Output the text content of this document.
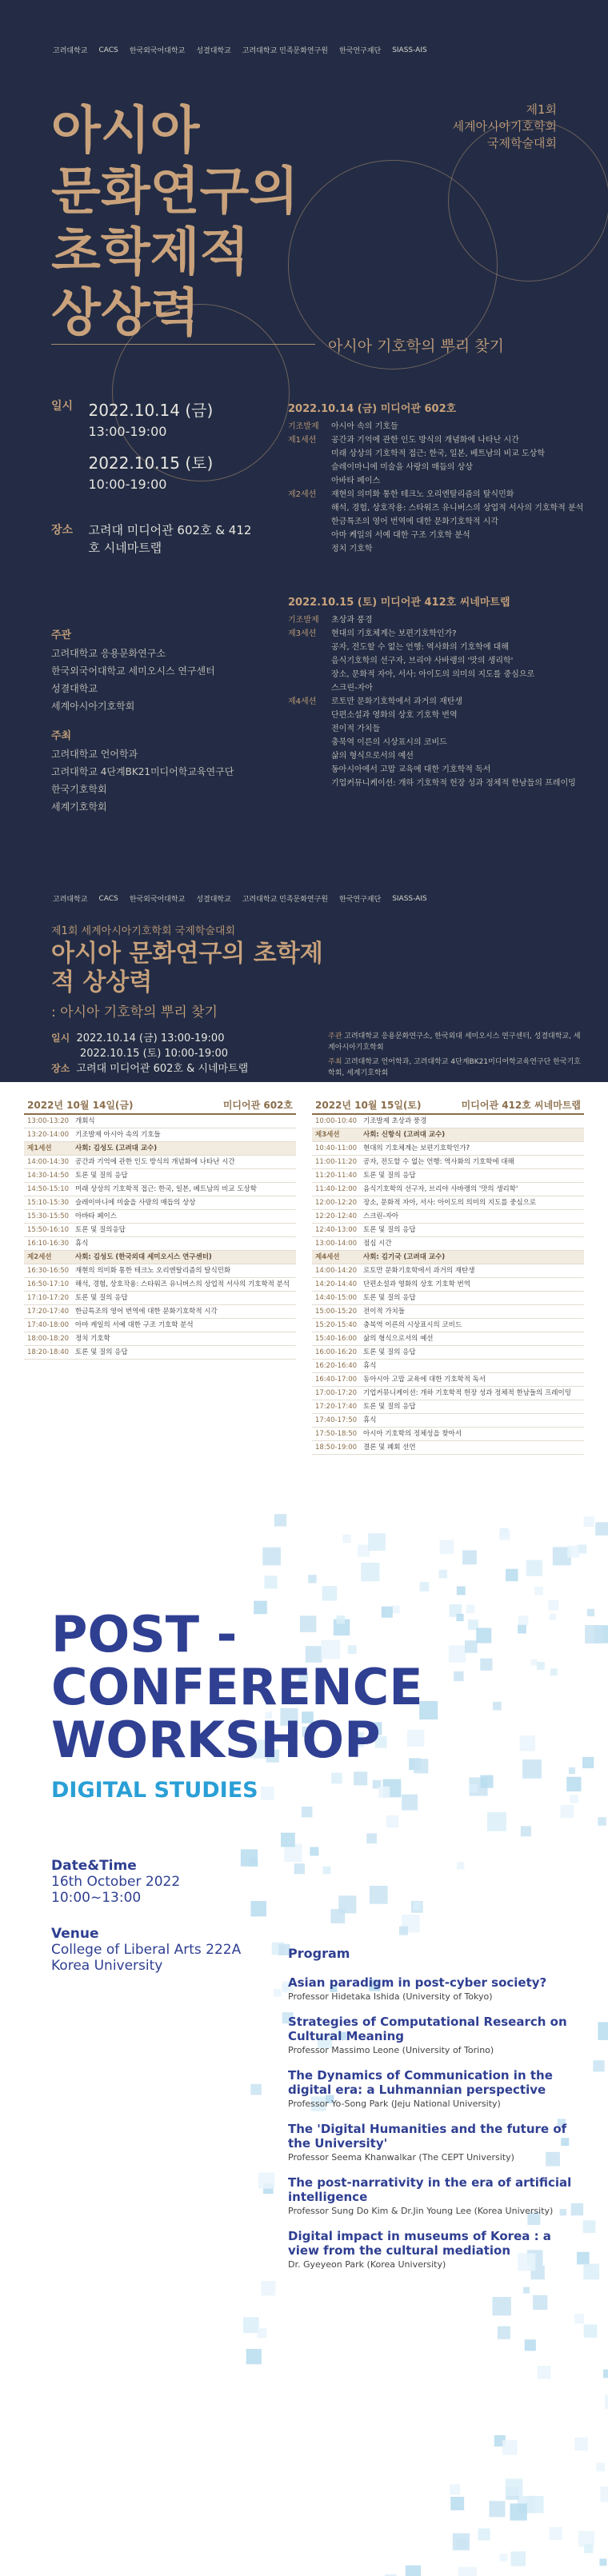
고려대학교 CACS 한국외국어대학교 성결대학교 고려대학교 민족문화연구원 한국연구재단 SIASS-AIS
아시아
문화연구의
초학제적
상상력
제1회
세계아시아기호학회
국제학술대회
아시아 기호학의 뿌리 찾기
일시 2022.10.14 (금)
13:00-19:00
2022.10.15 (토)
10:00-19:00
장소 고려대 미디어관 602호 & 412호 시네마트랩
주관
고려대학교 응용문화연구소
한국외국어대학교 세미오시스 연구센터
성결대학교
세계아시아기호학회
주최
고려대학교 언어학과
고려대학교 4단계BK21미디어학교육연구단
한국기호학회
세계기호학회
2022.10.14 (금) 미디어관 602호
기조발제	아시아 속의 기호들
제1세션	공간과 기억에 관한 인도 방식의 개념화에 나타난 시간
미래 상상의 기호학적 접근: 한국, 일본, 베트남의 비교 도상학
슬레이마니에 미술을 사랑의 매듭의 상상
아바타 페이스
제2세션	재현의 의미화 통한 테크노 오리엔탈리즘의 탈식민화
해석, 경험, 상호작용: 스타워즈 유니버스의 상업적 서사의 기호학적 분석
한금특조의 영어 번역에 대한 문화기호학적 시각
아마 케일의 서예 대한 구조 기호학 분석
정치 기호학
2022.10.15 (토) 미디어관 412호 씨네마트랩
기조발제	초상과 풍경
제3세션	현대의 기호체계는 보편기호학인가?
공자, 전도할 수 없는 언행: 역사화의 기호학에 대해
음식기호학의 선구자, 브리야 사바랭의 '맛의 생리학'
장소, 문화적 자아, 서사: 아이도의 의미의 지도를 중심으로
스크린-자아
제4세션	로토만 문화기호학에서 과거의 재탄생
단편소설과 영화의 상호 기호학 번역
전이적 가치들
충북역 이른의 시상표시의 코비드
삶의 형식으로서의 예선
동아시아에서 고맙 교육에 대한 기호학적 독서
기업커뮤니케이션: 개하 기호학적 헌장 성과 정체적 한남들의 프레이밍
고려대학교 CACS 한국외국어대학교 성결대학교 고려대학교 민족문화연구원 한국연구재단 SIASS-AIS
제1회 세계아시아기호학회 국제학술대회
아시아 문화연구의 초학제적 상상력
: 아시아 기호학의 뿌리 찾기
일시 2022.10.14 (금) 13:00-19:00
2022.10.15 (토) 10:00-19:00
장소 고려대 미디어관 602호 & 시네마트랩
주관 고려대학교 응용문화연구소, 한국외대 세미오시스 연구센터, 성결대학교, 세계아시아기호학회
주최 고려대학교 언어학과, 고려대학교 4단계BK21미디어학교육연구단 한국기호학회, 세계기호학회
2022년 10월 14일(금)	미디어관 602호
13:00-13:20 개회식
13:20-14:00 기조발제 아시아 속의 기호들
제1세션	사회: 김성도 (고려대 교수)
14:00-14:30 공간과 기억에 관한 인도 방식의 개념화에 나타난 시간
14:30-14:50 토론 및 질의 응답
14:50-15:10 미래 상상의 기호학적 접근: 한국, 일본, 베트남의 비교 도상학
15:10-15:30 슬레이마니에 미술을 사랑의 매듭의 상상
15:30-15:50 아바타 페이스
15:50-16:10 토론 및 질의응답
16:10-16:30 휴식
제2세션	사회: 김성도 (한국외대 세미오시스 연구센터)
16:30-16:50 재현의 의미화 통한 테크노 오리엔탈리즘의 탈식민화
16:50-17:10 해석, 경험, 상호작용: 스타워즈 유니버스의 상업적 서사의 기호학적 분석
17:10-17:20 토론 및 질의 응답
17:20-17:40 한금특조의 영어 번역에 대한 문화기호학적 시각
17:40-18:00 아마 케일의 서예 대한 구조 기호학 분석
18:00-18:20 정치 기호학
18:20-18:40 토론 및 질의 응답
2022년 10월 15일(토)	미디어관 412호 씨네마트랩
10:00-10:40 기조발제 초상과 풍경
제3세션	사회: 신항식 (고려대 교수)
10:40-11:00 현대의 기호체계는 보편기호학인가?
11:00-11:20 공자, 전도할 수 없는 언행: 역사화의 기호학에 대해
11:20-11:40 토론 및 질의 응답
11:40-12:00 음식기호학의 선구자, 브리야 사바랭의 '맛의 생리학'
12:00-12:20 장소, 문화적 자아, 서사: 아이도의 의미의 지도를 중심으로
12:20-12:40 스크린-자아
12:40-13:00 토론 및 질의 응답
13:00-14:00 점심 시간
제4세션	사회: 김기국 (고려대 교수)
14:00-14:20 로토만 문화기호학에서 과거의 재탄생
14:20-14:40 단편소설과 영화의 상호 기호학 번역
14:40-15:00 토론 및 질의 응답
15:00-15:20 전이적 가치들
15:20-15:40 충북역 이른의 시상표시의 코비드
15:40-16:00 삶의 형식으로서의 예선
16:00-16:20 토론 및 질의 응답
16:20-16:40 휴식
16:40-17:00 동아시아 고맙 교육에 대한 기호학적 독서
17:00-17:20 기업커뮤니케이션: 개하 기호학적 헌장 성과 정체적 한남들의 프레이밍
17:20-17:40 토론 및 질의 응답
17:40-17:50 휴식
17:50-18:50 아시아 기호학의 정체성을 찾아서
18:50-19:00 결론 및 폐회 선언
POST -
CONFERENCE
WORKSHOP
DIGITAL STUDIES
Date&Time
16th October 2022
10:00~13:00
Venue
College of Liberal Arts 222A
Korea University
Program
Asian paradigm in post-cyber society?
Professor Hidetaka Ishida (University of Tokyo)
Strategies of Computational Research on Cultural Meaning
Professor Massimo Leone (University of Torino)
The Dynamics of Communication in the digital era: a Luhmannian perspective
Professor Yo-Song Park (Jeju National University)
The 'Digital Humanities and the future of the University'
Professor Seema Khanwalkar (The CEPT University)
The post-narrativity in the era of artificial intelligence
Professor Sung Do Kim & Dr.Jin Young Lee (Korea University)
Digital impact in museums of Korea : a view from the cultural mediation
Dr. Gyeyeon Park (Korea University)
